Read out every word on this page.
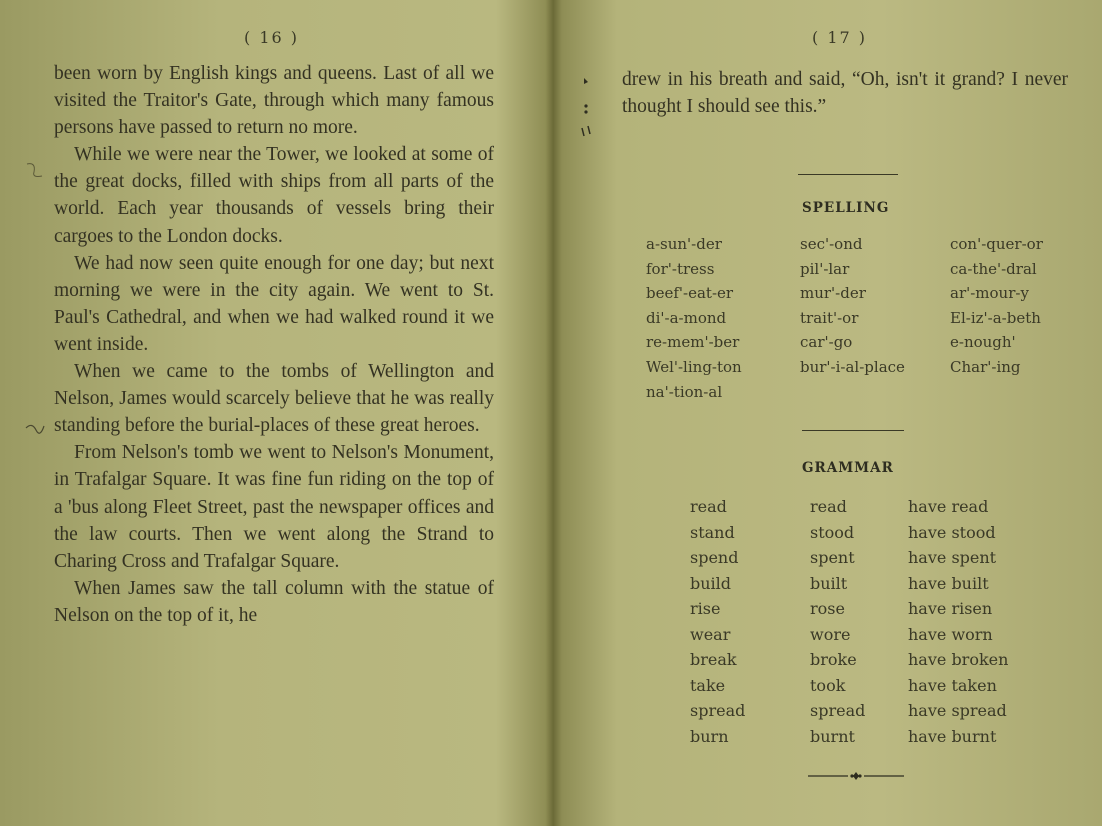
( 16 )

been worn by English kings and queens. Last of all we visited the Traitor's Gate, through which many famous persons have passed to return no more.

While we were near the Tower, we looked at some of the great docks, filled with ships from all parts of the world. Each year thousands of vessels bring their cargoes to the London docks.

We had now seen quite enough for one day; but next morning we were in the city again. We went to St. Paul's Cathedral, and when we had walked round it we went inside.

When we came to the tombs of Wellington and Nelson, James would scarcely believe that he was really standing before the burial-places of these great heroes.

From Nelson's tomb we went to Nelson's Monument, in Trafalgar Square. It was fine fun riding on the top of a 'bus along Fleet Street, past the newspaper offices and the law courts. Then we went along the Strand to Charing Cross and Trafalgar Square.

When James saw the tall column with the statue of Nelson on the top of it, he

( 17 )

drew in his breath and said, “Oh, isn't it grand? I never thought I should see this.”

SPELLING
a-sun'-der
for'-tress
beef'-eat-er
di'-a-mond
re-mem'-ber
Wel'-ling-ton
na'-tion-al
sec'-ond
pil'-lar
mur'-der
trait'-or
car'-go
bur'-i-al-place
con'-quer-or
ca-the'-dral
ar'-mour-y
El-iz'-a-beth
e-nough'
Char'-ing
GRAMMAR
read
stand
spend
build
rise
wear
break
take
spread
burn
read
stood
spent
built
rose
wore
broke
took
spread
burnt
have read
have stood
have spent
have built
have risen
have worn
have broken
have taken
have spread
have burnt
